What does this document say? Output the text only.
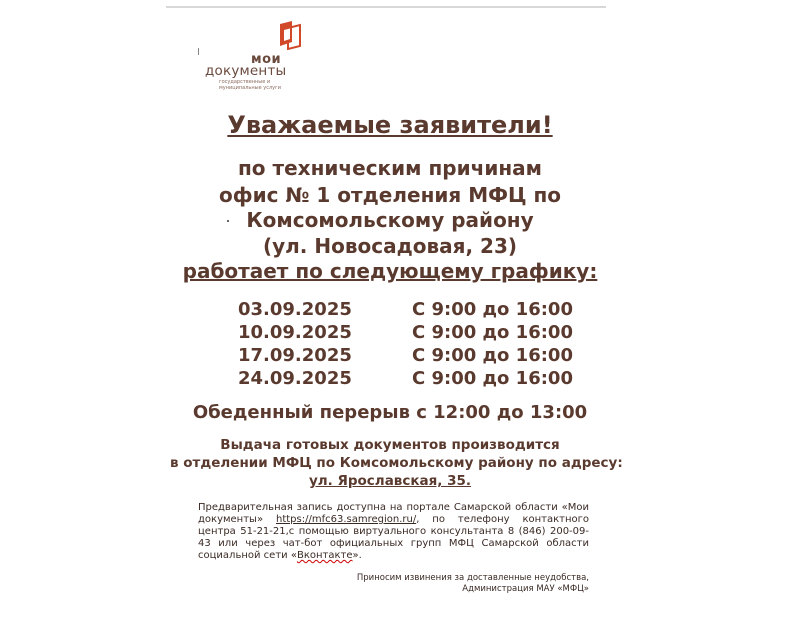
мои
документы
государственные и муниципальные услуги
Уважаемые заявители!
по техническим причинам
офис № 1 отделения МФЦ по
Комсомольскому району
(ул. Новосадовая, 23)
работает по следующему графику:
03.09.2025	С 9:00 до 16:00
10.09.2025	С 9:00 до 16:00
17.09.2025	С 9:00 до 16:00
24.09.2025	С 9:00 до 16:00
Обеденный перерыв с 12:00 до 13:00
Выдача готовых документов производится
в отделении МФЦ по Комсомольскому району по адресу:
ул. Ярославская, 35.
Предварительная запись доступна на портале Самарской области «Мои документы» https://mfc63.samregion.ru/, по телефону контактного центра 51-21-21,с помощью виртуального консультанта 8 (846) 200-09-43 или через чат-бот официальных групп МФЦ Самарской области социальной сети «Вконтакте».
Приносим извинения за доставленные неудобства,
Администрация МАУ «МФЦ»
